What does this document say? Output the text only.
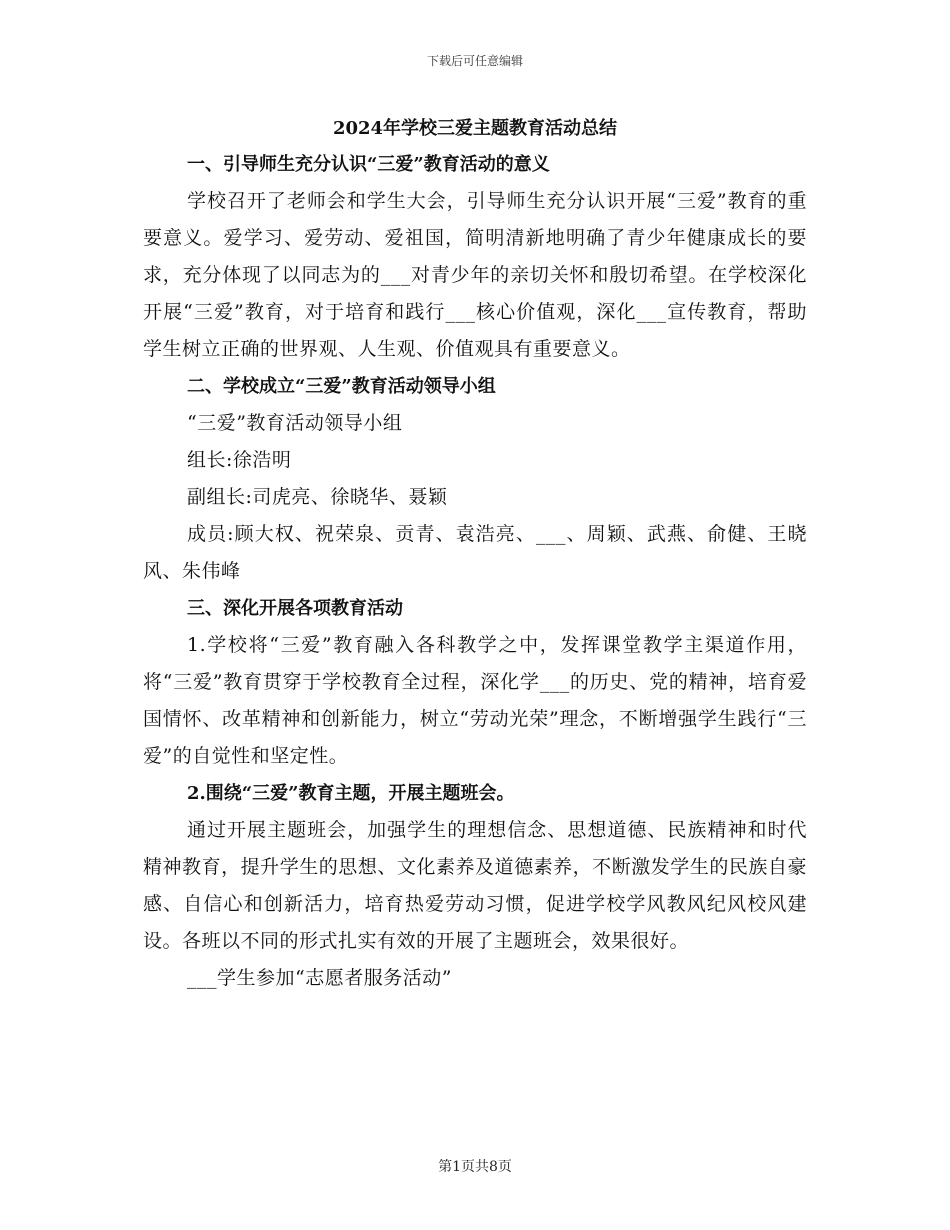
下载后可任意编辑
2024年学校三爱主题教育活动总结
一、引导师生充分认识“三爱”教育活动的意义

学校召开了老师会和学生大会，引导师生充分认识开展“三爱”教育的重要意义。爱学习、爱劳动、爱祖国，简明清新地明确了青少年健康成长的要求，充分体现了以同志为的___对青少年的亲切关怀和殷切希望。在学校深化开展“三爱”教育，对于培育和践行___核心价值观，深化___宣传教育，帮助学生树立正确的世界观、人生观、价值观具有重要意义。

二、学校成立“三爱”教育活动领导小组

“三爱”教育活动领导小组

组长:徐浩明

副组长:司虎亮、徐晓华、聂颖

成员:顾大权、祝荣泉、贡青、袁浩亮、___、周颖、武燕、俞健、王晓风、朱伟峰

三、深化开展各项教育活动

1.学校将“三爱”教育融入各科教学之中，发挥课堂教学主渠道作用，将“三爱”教育贯穿于学校教育全过程，深化学___的历史、党的精神，培育爱国情怀、改革精神和创新能力，树立“劳动光荣”理念，不断增强学生践行“三爱”的自觉性和坚定性。

2.围绕“三爱”教育主题，开展主题班会。

通过开展主题班会，加强学生的理想信念、思想道德、民族精神和时代精神教育，提升学生的思想、文化素养及道德素养，不断激发学生的民族自豪感、自信心和创新活力，培育热爱劳动习惯，促进学校学风教风纪风校风建设。各班以不同的形式扎实有效的开展了主题班会，效果很好。

___学生参加“志愿者服务活动”

第1页共8页
